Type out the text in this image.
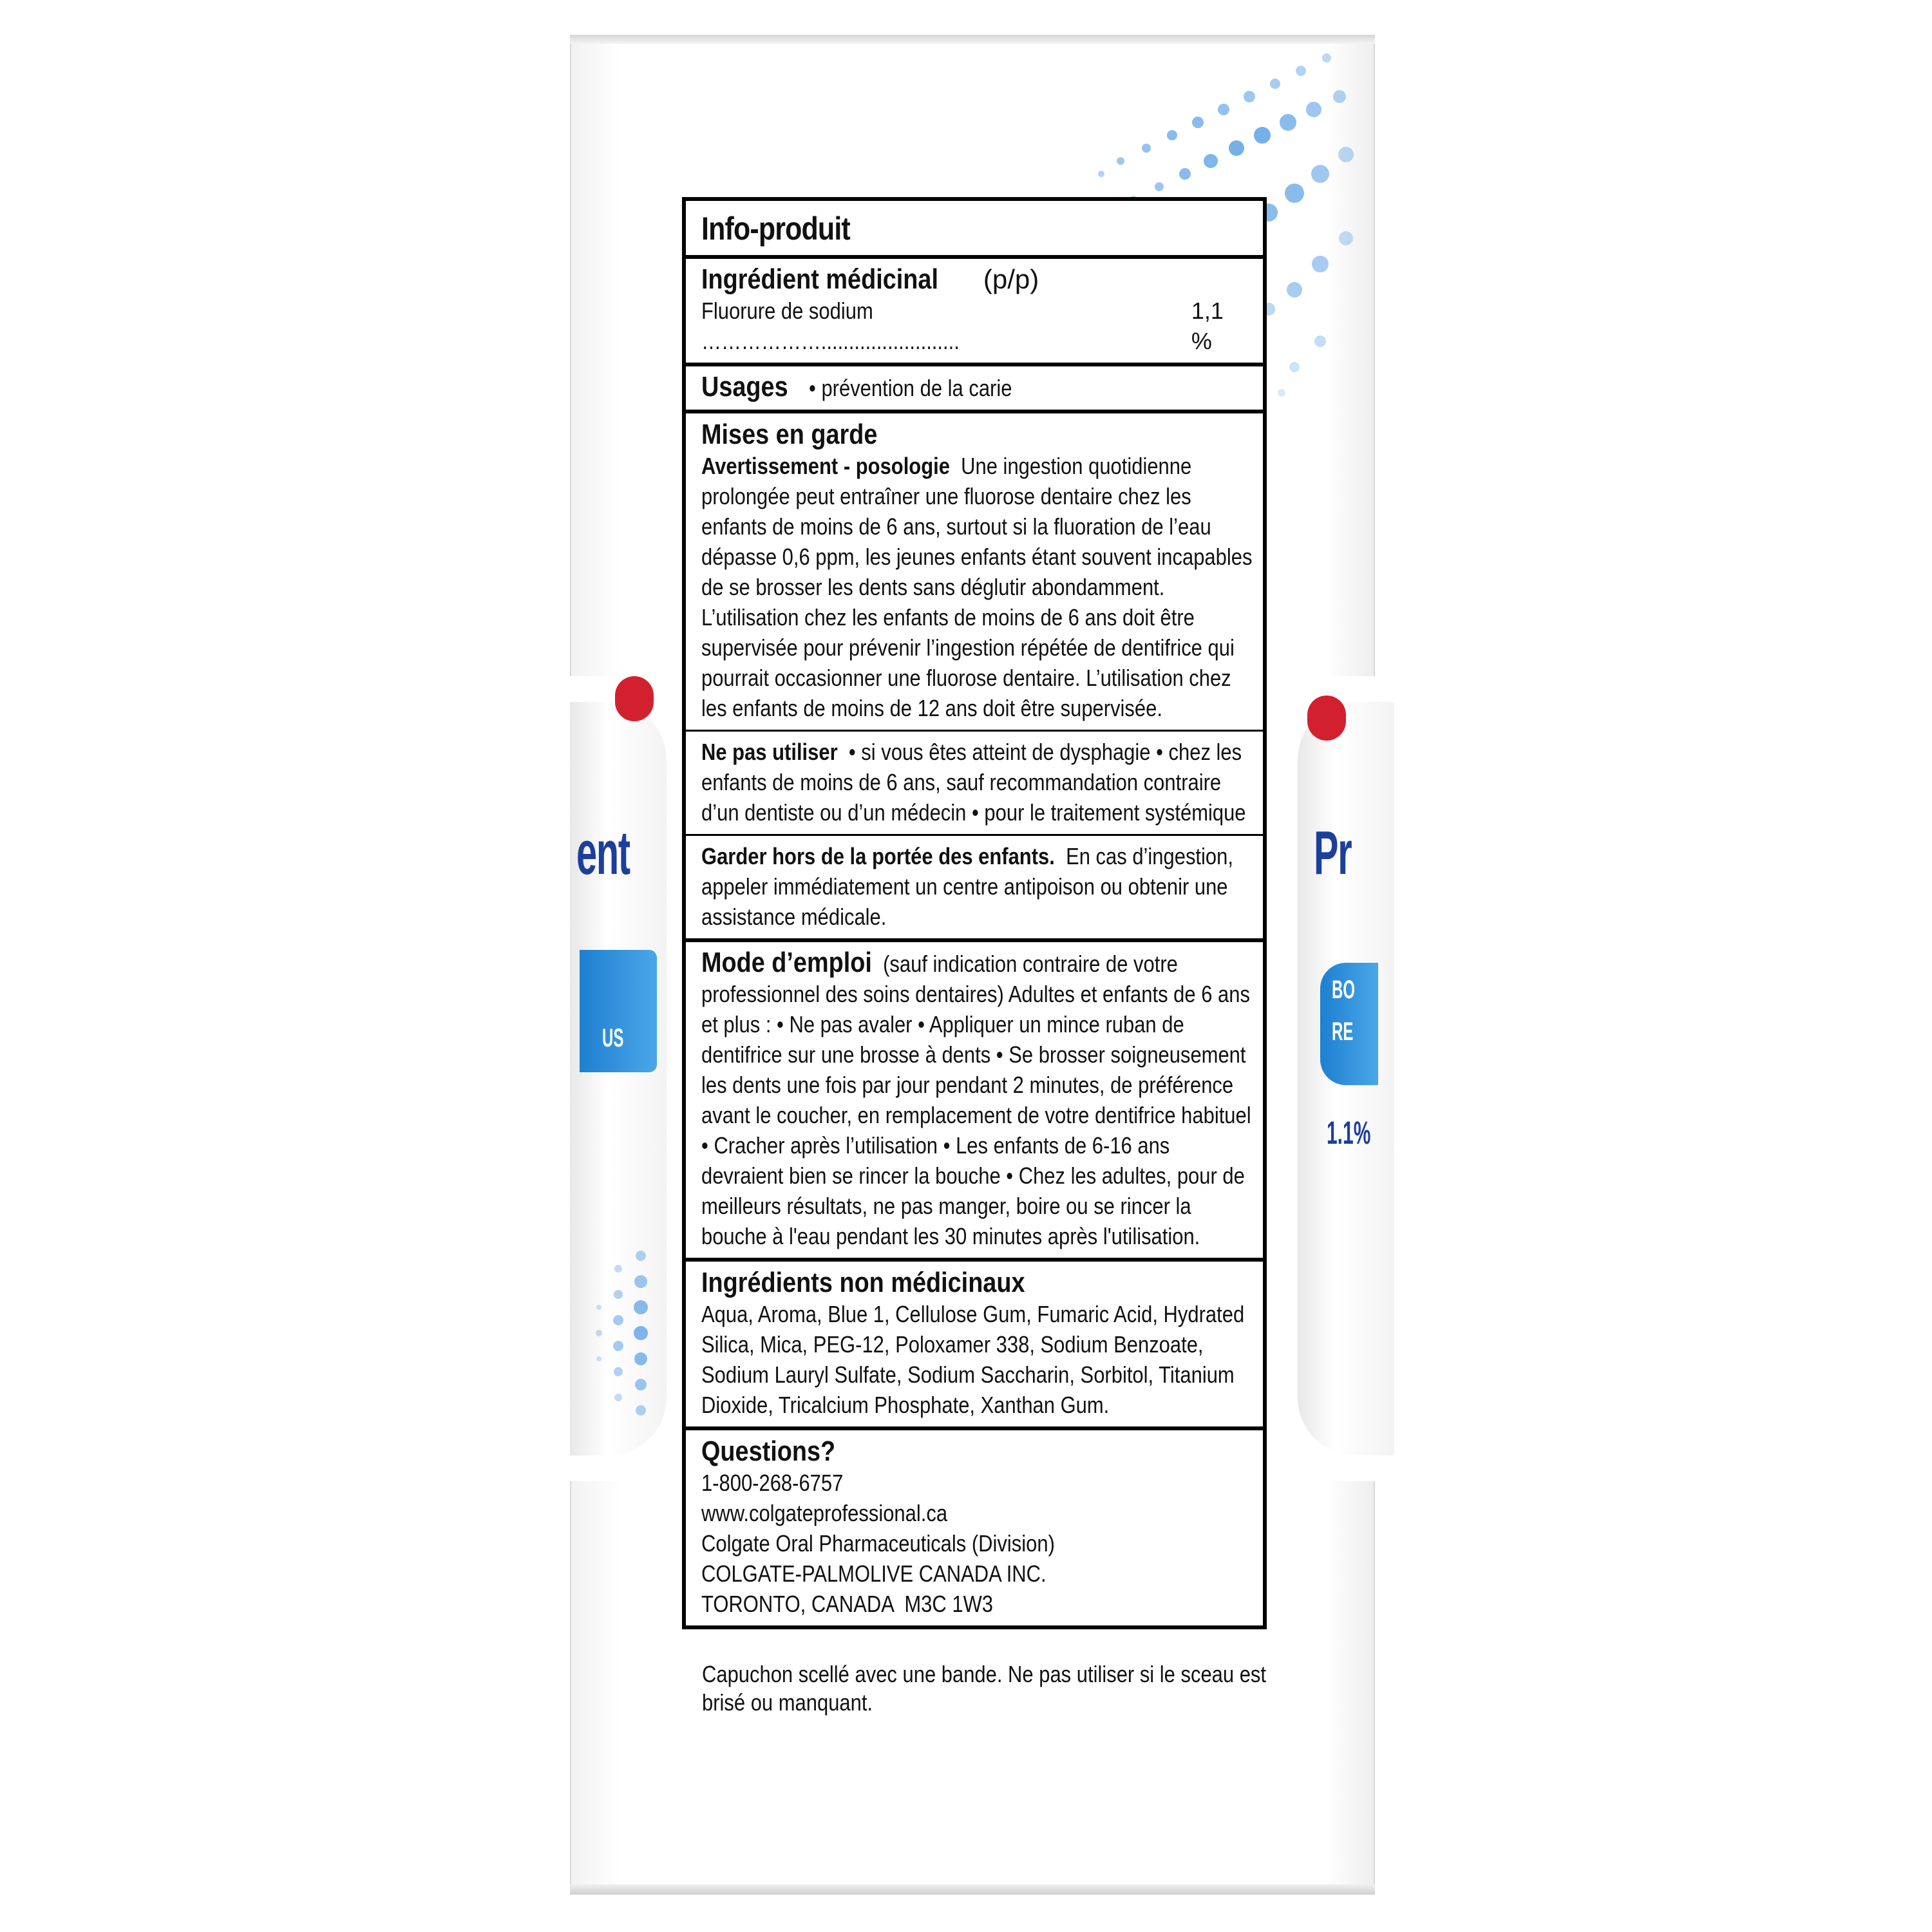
ent
US
Pr
BO
RE
1.1%
Info-produit
Ingrédient médicinal (p/p)
Fluorure de sodium ……………….........................
1,1 %
Usages • prévention de la carie
Mises en garde
Avertissement - posologie Une ingestion quotidienne prolongée peut entraîner une fluorose dentaire chez les enfants de moins de 6 ans, surtout si la fluoration de l’eau dépasse 0,6 ppm, les jeunes enfants étant souvent incapables de se brosser les dents sans déglutir abondamment. L’utilisation chez les enfants de moins de 6 ans doit être supervisée pour prévenir l’ingestion répétée de dentifrice qui pourrait occasionner une fluorose dentaire. L’utilisation chez les enfants de moins de 12 ans doit être supervisée.
Ne pas utiliser • si vous êtes atteint de dysphagie • chez les enfants de moins de 6 ans, sauf recommandation contraire d’un dentiste ou d’un médecin • pour le traitement systémique
Garder hors de la portée des enfants. En cas d’ingestion, appeler immédiatement un centre antipoison ou obtenir une assistance médicale.
Mode d’emploi (sauf indication contraire de votre professionnel des soins dentaires) Adultes et enfants de 6 ans et plus : • Ne pas avaler • Appliquer un mince ruban de dentifrice sur une brosse à dents • Se brosser soigneusement les dents une fois par jour pendant 2 minutes, de préférence avant le coucher, en remplacement de votre dentifrice habituel • Cracher après l’utilisation • Les enfants de 6-16 ans devraient bien se rincer la bouche • Chez les adultes, pour de meilleurs résultats, ne pas manger, boire ou se rincer la bouche à l'eau pendant les 30 minutes après l'utilisation.
Ingrédients non médicinaux
Aqua, Aroma, Blue 1, Cellulose Gum, Fumaric Acid, Hydrated Silica, Mica, PEG-12, Poloxamer 338, Sodium Benzoate, Sodium Lauryl Sulfate, Sodium Saccharin, Sorbitol, Titanium Dioxide, Tricalcium Phosphate, Xanthan Gum.
Questions?
1-800-268-6757
www.colgateprofessional.ca
Colgate Oral Pharmaceuticals (Division)
COLGATE-PALMOLIVE CANADA INC.
TORONTO, CANADA  M3C 1W3
Capuchon scellé avec une bande. Ne pas utiliser si le sceau est brisé ou manquant.
